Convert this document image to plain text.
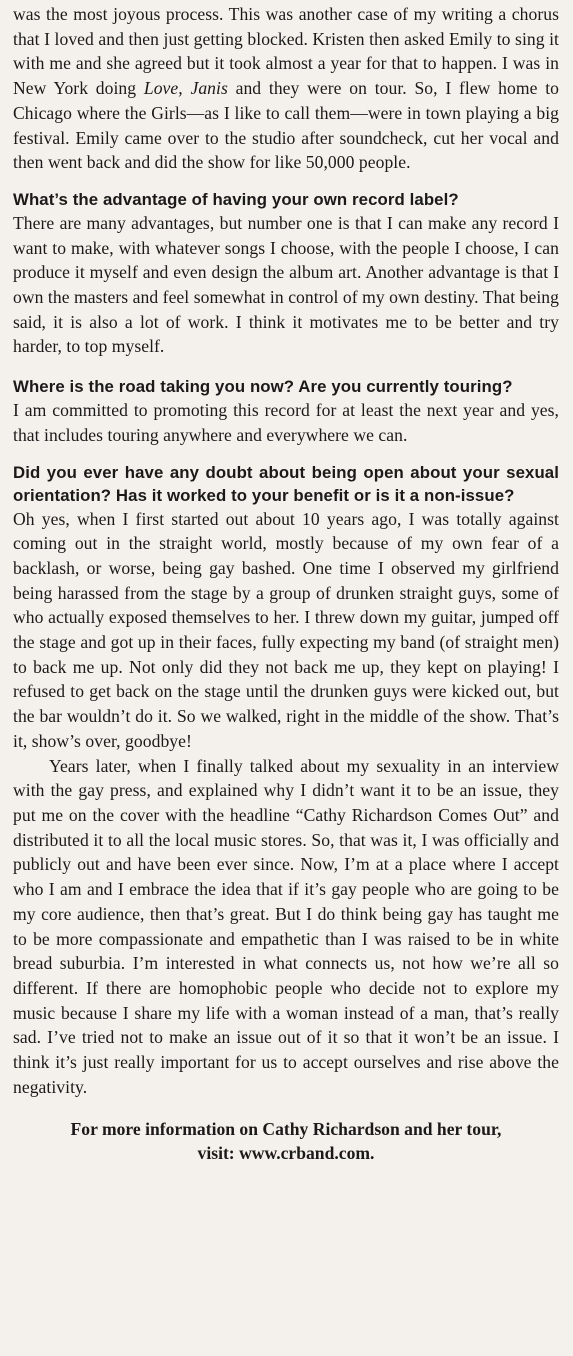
was the most joyous process. This was another case of my writing a chorus that I loved and then just getting blocked. Kristen then asked Emily to sing it with me and she agreed but it took almost a year for that to happen. I was in New York doing Love, Janis and they were on tour. So, I flew home to Chicago where the Girls—as I like to call them—were in town playing a big festival. Emily came over to the studio after soundcheck, cut her vocal and then went back and did the show for like 50,000 people.

What’s the advantage of having your own record label?

There are many advantages, but number one is that I can make any record I want to make, with whatever songs I choose, with the people I choose, I can produce it myself and even design the album art. Another advantage is that I own the masters and feel somewhat in control of my own destiny. That being said, it is also a lot of work. I think it motivates me to be better and try harder, to top myself.

Where is the road taking you now? Are you currently touring?

I am committed to promoting this record for at least the next year and yes, that includes touring anywhere and everywhere we can.

Did you ever have any doubt about being open about your sexual orientation? Has it worked to your benefit or is it a non-issue?

Oh yes, when I first started out about 10 years ago, I was totally against coming out in the straight world, mostly because of my own fear of a backlash, or worse, being gay bashed. One time I observed my girlfriend being harassed from the stage by a group of drunken straight guys, some of who actually exposed themselves to her. I threw down my guitar, jumped off the stage and got up in their faces, fully expecting my band (of straight men) to back me up. Not only did they not back me up, they kept on playing! I refused to get back on the stage until the drunken guys were kicked out, but the bar wouldn’t do it. So we walked, right in the middle of the show. That’s it, show’s over, goodbye!

Years later, when I finally talked about my sexuality in an interview with the gay press, and explained why I didn’t want it to be an issue, they put me on the cover with the headline “Cathy Richardson Comes Out” and distributed it to all the local music stores. So, that was it, I was officially and publicly out and have been ever since. Now, I’m at a place where I accept who I am and I embrace the idea that if it’s gay people who are going to be my core audience, then that’s great. But I do think being gay has taught me to be more compassionate and empathetic than I was raised to be in white bread suburbia. I’m interested in what connects us, not how we’re all so different. If there are homophobic people who decide not to explore my music because I share my life with a woman instead of a man, that’s really sad. I’ve tried not to make an issue out of it so that it won’t be an issue. I think it’s just really important for us to accept ourselves and rise above the negativity.

For more information on Cathy Richardson and her tour,
visit: www.crband.com.
